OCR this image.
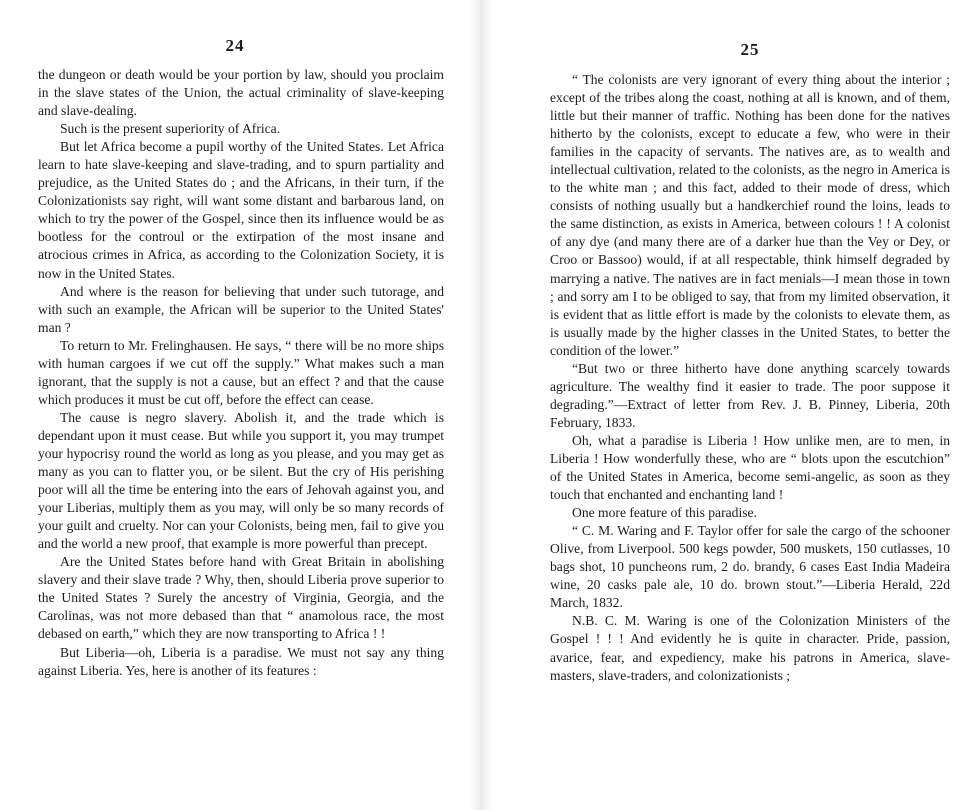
24

the dungeon or death would be your portion by law, should you proclaim in the slave states of the Union, the actual criminality of slave-keeping and slave-dealing.

Such is the present superiority of Africa.

But let Africa become a pupil worthy of the United States. Let Africa learn to hate slave-keeping and slave-trading, and to spurn partiality and prejudice, as the United States do ; and the Africans, in their turn, if the Colonizationists say right, will want some distant and barbarous land, on which to try the power of the Gospel, since then its influence would be as bootless for the controul or the extirpation of the most insane and atrocious crimes in Africa, as according to the Colonization Society, it is now in the United States.

And where is the reason for believing that under such tutorage, and with such an example, the African will be superior to the United States' man ?

To return to Mr. Frelinghausen. He says, “ there will be no more ships with human cargoes if we cut off the supply.” What makes such a man ignorant, that the supply is not a cause, but an effect ? and that the cause which produces it must be cut off, before the effect can cease.

The cause is negro slavery. Abolish it, and the trade which is dependant upon it must cease. But while you support it, you may trumpet your hypocrisy round the world as long as you please, and you may get as many as you can to flatter you, or be silent. But the cry of His perishing poor will all the time be entering into the ears of Jehovah against you, and your Liberias, multiply them as you may, will only be so many records of your guilt and cruelty. Nor can your Colonists, being men, fail to give you and the world a new proof, that example is more powerful than precept.

Are the United States before hand with Great Britain in abolishing slavery and their slave trade ? Why, then, should Liberia prove superior to the United States ? Surely the ancestry of Virginia, Georgia, and the Carolinas, was not more debased than that “ anamolous race, the most debased on earth,” which they are now transporting to Africa ! !

But Liberia—oh, Liberia is a paradise. We must not say any thing against Liberia. Yes, here is another of its features :

25

“ The colonists are very ignorant of every thing about the interior ; except of the tribes along the coast, nothing at all is known, and of them, little but their manner of traffic. Nothing has been done for the natives hitherto by the colonists, except to educate a few, who were in their families in the capacity of servants. The natives are, as to wealth and intellectual cultivation, related to the colonists, as the negro in America is to the white man ; and this fact, added to their mode of dress, which consists of nothing usually but a handkerchief round the loins, leads to the same distinction, as exists in America, between colours ! ! A colonist of any dye (and many there are of a darker hue than the Vey or Dey, or Croo or Bassoo) would, if at all respectable, think himself degraded by marrying a native. The natives are in fact menials—I mean those in town ; and sorry am I to be obliged to say, that from my limited observation, it is evident that as little effort is made by the colonists to elevate them, as is usually made by the higher classes in the United States, to better the condition of the lower.”

“But two or three hitherto have done anything scarcely towards agriculture. The wealthy find it easier to trade. The poor suppose it degrading.”—Extract of letter from Rev. J. B. Pinney, Liberia, 20th February, 1833.

Oh, what a paradise is Liberia ! How unlike men, are to men, in Liberia ! How wonderfully these, who are “ blots upon the escutchion” of the United States in America, become semi-angelic, as soon as they touch that enchanted and enchanting land !

One more feature of this paradise.

“ C. M. Waring and F. Taylor offer for sale the cargo of the schooner Olive, from Liverpool. 500 kegs powder, 500 muskets, 150 cutlasses, 10 bags shot, 10 puncheons rum, 2 do. brandy, 6 cases East India Madeira wine, 20 casks pale ale, 10 do. brown stout.”—Liberia Herald, 22d March, 1832.

N.B. C. M. Waring is one of the Colonization Ministers of the Gospel ! ! ! And evidently he is quite in character. Pride, passion, avarice, fear, and expediency, make his patrons in America, slave-masters, slave-traders, and colonizationists ;
